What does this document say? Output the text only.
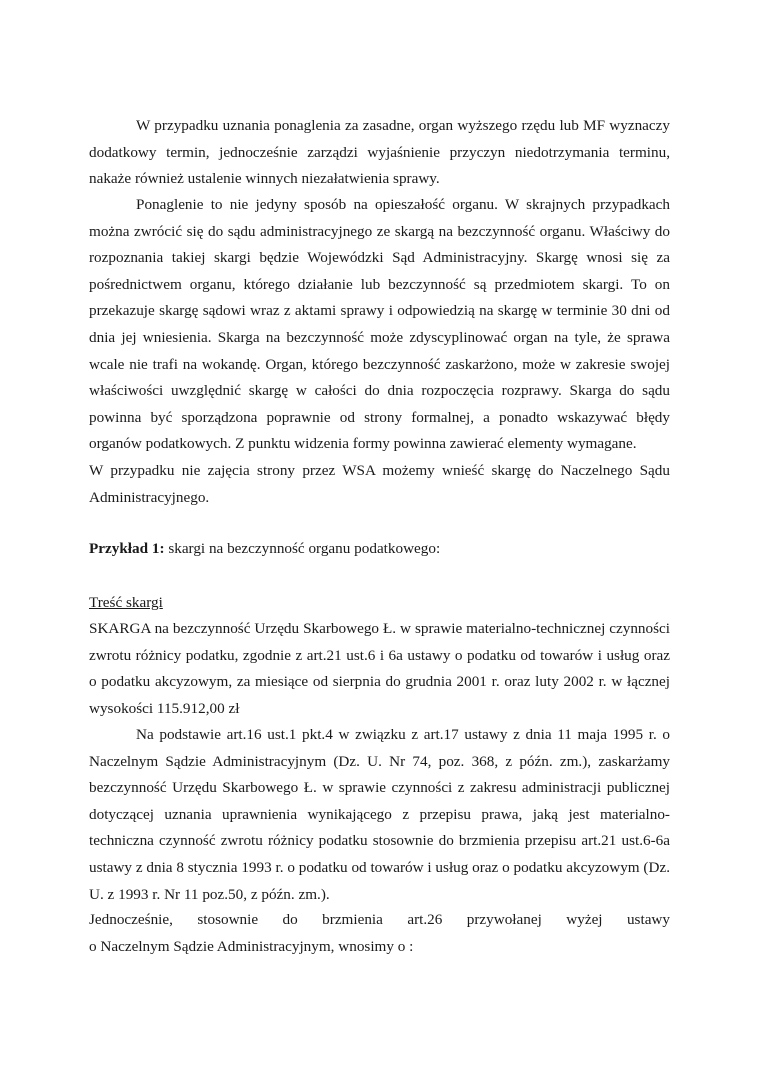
W przypadku uznania ponaglenia za zasadne, organ wyższego rzędu lub MF wyznaczy dodatkowy termin, jednocześnie zarządzi wyjaśnienie przyczyn niedotrzymania terminu, nakaże również ustalenie winnych niezałatwienia sprawy.

Ponaglenie to nie jedyny sposób na opieszałość organu. W skrajnych przypadkach można zwrócić się do sądu administracyjnego ze skargą na bezczynność organu. Właściwy do rozpoznania takiej skargi będzie Wojewódzki Sąd Administracyjny. Skargę wnosi się za pośrednictwem organu, którego działanie lub bezczynność są przedmiotem skargi. To on przekazuje skargę sądowi wraz z aktami sprawy i odpowiedzią na skargę w terminie 30 dni od dnia jej wniesienia. Skarga na bezczynność może zdyscyplinować organ na tyle, że sprawa wcale nie trafi na wokandę. Organ, którego bezczynność zaskarżono, może w zakresie swojej właściwości uwzględnić skargę w całości do dnia rozpoczęcia rozprawy. Skarga do sądu powinna być sporządzona poprawnie od strony formalnej, a ponadto wskazywać błędy organów podatkowych. Z punktu widzenia formy powinna zawierać elementy wymagane.

W przypadku nie zajęcia strony przez WSA możemy wnieść skargę do Naczelnego Sądu Administracyjnego.

Przykład 1: skargi na bezczynność organu podatkowego:

Treść skargi

SKARGA na bezczynność Urzędu Skarbowego Ł. w sprawie materialno-technicznej czynności zwrotu różnicy podatku, zgodnie z art.21 ust.6 i 6a ustawy o podatku od towarów i usług oraz o podatku akcyzowym, za miesiące od sierpnia do grudnia 2001 r. oraz luty 2002 r. w łącznej wysokości 115.912,00 zł

Na podstawie art.16 ust.1 pkt.4 w związku z art.17 ustawy z dnia 11 maja 1995 r. o Naczelnym Sądzie Administracyjnym (Dz. U. Nr 74, poz. 368, z późn. zm.), zaskarżamy bezczynność Urzędu Skarbowego Ł. w sprawie czynności z zakresu administracji publicznej dotyczącej uznania uprawnienia wynikającego z przepisu prawa, jaką jest materialno-techniczna czynność zwrotu różnicy podatku stosownie do brzmienia przepisu art.21 ust.6-6a ustawy z dnia 8 stycznia 1993 r. o podatku od towarów i usług oraz o podatku akcyzowym (Dz. U. z 1993 r. Nr 11 poz.50, z późn. zm.).

Jednocześnie, stosownie do brzmienia art.26 przywołanej wyżej ustawy

o Naczelnym Sądzie Administracyjnym, wnosimy o :
